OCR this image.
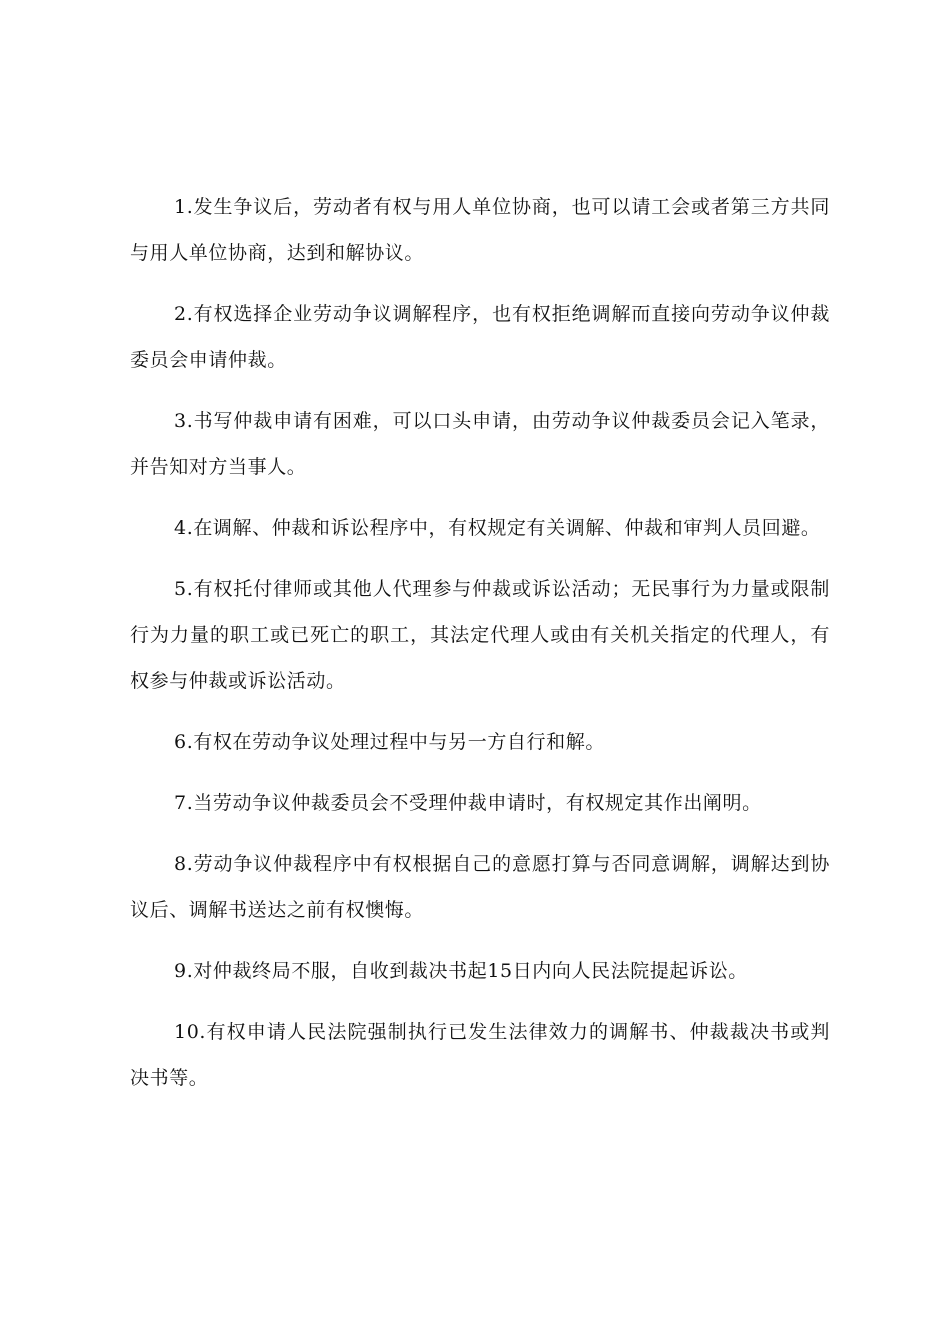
1.发生争议后，劳动者有权与用人单位协商，也可以请工会或者第三方共同与用人单位协商，达到和解协议。

2.有权选择企业劳动争议调解程序，也有权拒绝调解而直接向劳动争议仲裁委员会申请仲裁。

3.书写仲裁申请有困难，可以口头申请，由劳动争议仲裁委员会记入笔录，并告知对方当事人。

4.在调解、仲裁和诉讼程序中，有权规定有关调解、仲裁和审判人员回避。

5.有权托付律师或其他人代理参与仲裁或诉讼活动；无民事行为力量或限制行为力量的职工或已死亡的职工，其法定代理人或由有关机关指定的代理人，有权参与仲裁或诉讼活动。

6.有权在劳动争议处理过程中与另一方自行和解。

7.当劳动争议仲裁委员会不受理仲裁申请时，有权规定其作出阐明。

8.劳动争议仲裁程序中有权根据自己的意愿打算与否同意调解，调解达到协议后、调解书送达之前有权懊悔。

9.对仲裁终局不服，自收到裁决书起15日内向人民法院提起诉讼。

10.有权申请人民法院强制执行已发生法律效力的调解书、仲裁裁决书或判决书等。
